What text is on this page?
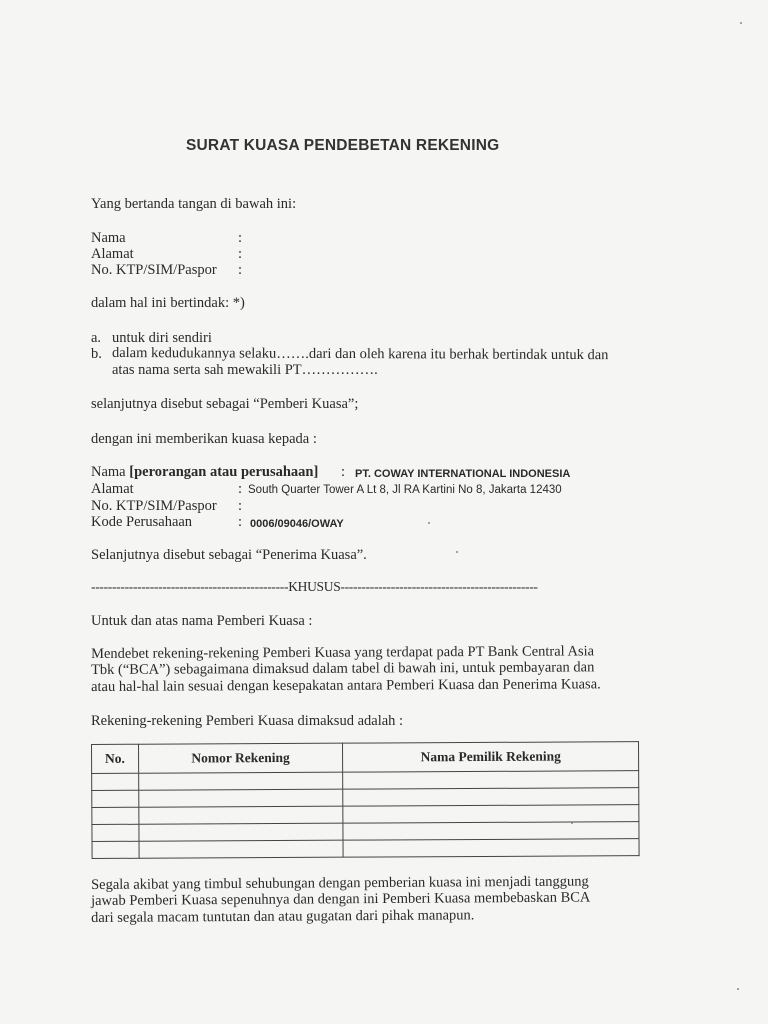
SURAT KUASA PENDEBETAN REKENING
Yang bertanda tangan di bawah ini:
Nama	:
Alamat	:
No. KTP/SIM/Paspor :
dalam hal ini bertindak: *)
a. untuk diri sendiri
b. dalam kedudukannya selaku…….dari dan oleh karena itu berhak bertindak untuk dan
atas nama serta sah mewakili PT…………….
selanjutnya disebut sebagai “Pemberi Kuasa”;
dengan ini memberikan kuasa kepada :
Nama [perorangan atau perusahaan] : PT. COWAY INTERNATIONAL INDONESIA
Alamat	: South Quarter Tower A Lt 8, Jl RA Kartini No 8, Jakarta 12430
No. KTP/SIM/Paspor :
Kode Perusahaan	: 0006/09046/OWAY
Selanjutnya disebut sebagai “Penerima Kuasa”.
-----------------------------------------------KHUSUS-----------------------------------------------
Untuk dan atas nama Pemberi Kuasa :
Mendebet rekening-rekening Pemberi Kuasa yang terdapat pada PT Bank Central Asia
Tbk (“BCA”) sebagaimana dimaksud dalam tabel di bawah ini, untuk pembayaran dan
atau hal-hal lain sesuai dengan kesepakatan antara Pemberi Kuasa dan Penerima Kuasa.
Rekening-rekening Pemberi Kuasa dimaksud adalah :
No.	Nomor Rekening	Nama Pemilik Rekening

Segala akibat yang timbul sehubungan dengan pemberian kuasa ini menjadi tanggung
jawab Pemberi Kuasa sepenuhnya dan dengan ini Pemberi Kuasa membebaskan BCA
dari segala macam tuntutan dan atau gugatan dari pihak manapun.
